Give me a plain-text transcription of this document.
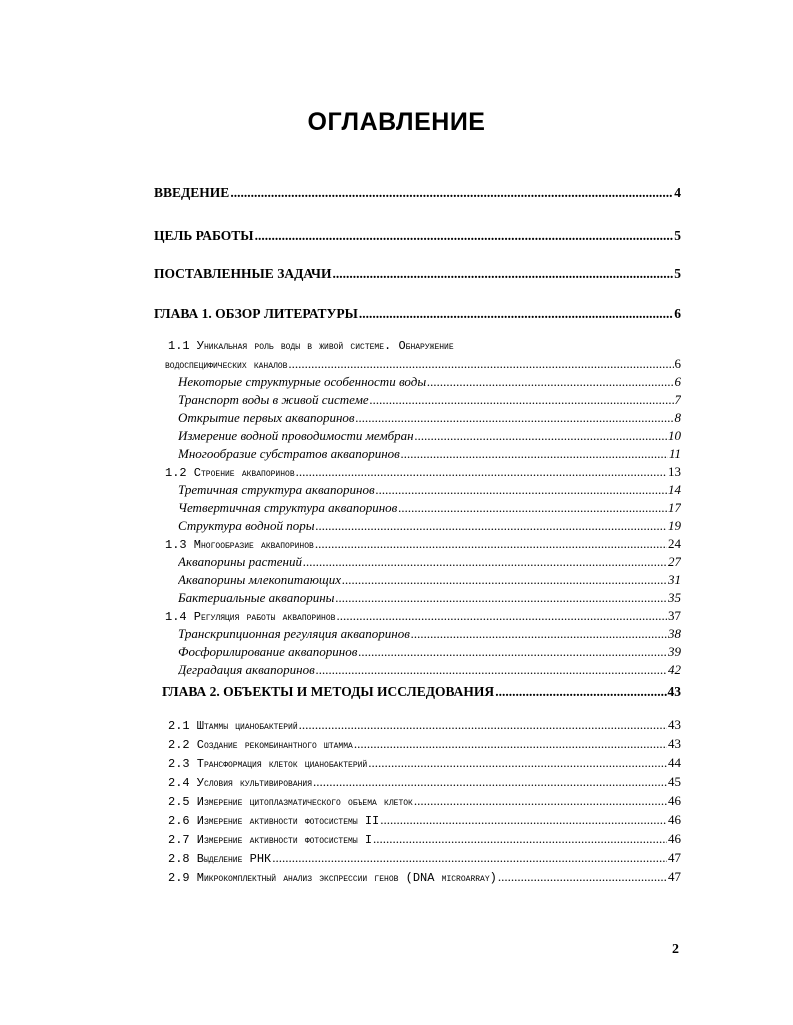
ОГЛАВЛЕНИЕ
ВВЕДЕНИЕ .....	4
ЦЕЛЬ РАБОТЫ .....	5
ПОСТАВЛЕННЫЕ ЗАДАЧИ .....	5
ГЛАВА 1. ОБЗОР ЛИТЕРАТУРЫ .....	6
1.1 Уникальная роль воды в живой системе. Обнаружение
водоспецифических каналов .....	6
Некоторые структурные особенности воды .....	6
Транспорт воды в живой системе .....	7
Открытие первых аквапоринов .....	8
Измерение водной проводимости мембран .....	10
Многообразие субстратов аквапоринов .....	11
1.2 Строение аквапоринов .....	13
Третичная структура аквапоринов .....	14
Четвертичная структура аквапоринов .....	17
Структура водной поры .....	19
1.3 Многообразие аквапоринов .....	24
Аквапорины растений .....	27
Аквапорины млекопитающих .....	31
Бактериальные аквапорины .....	35
1.4 Регуляция работы аквапоринов .....	37
Транскрипционная регуляция аквапоринов .....	38
Фосфорилирование аквапоринов .....	39
Деградация аквапоринов .....	42
ГЛАВА 2. ОБЪЕКТЫ И МЕТОДЫ ИССЛЕДОВАНИЯ .....	43
2.1 Штаммы цианобактерий .....	43
2.2 Создание рекомбинантного штамма .....	43
2.3 Трансформация клеток цианобактерий .....	44
2.4 Условия культивирования .....	45
2.5 Измерение цитоплазматического объема клеток .....	46
2.6 Измерение активности фотосистемы II .....	46
2.7 Измерение активности фотосистемы I .....	46
2.8 Выделение РНК .....	47
2.9 Микрокомплектный анализ экспрессии генов (DNA microarray) .....	47
2
